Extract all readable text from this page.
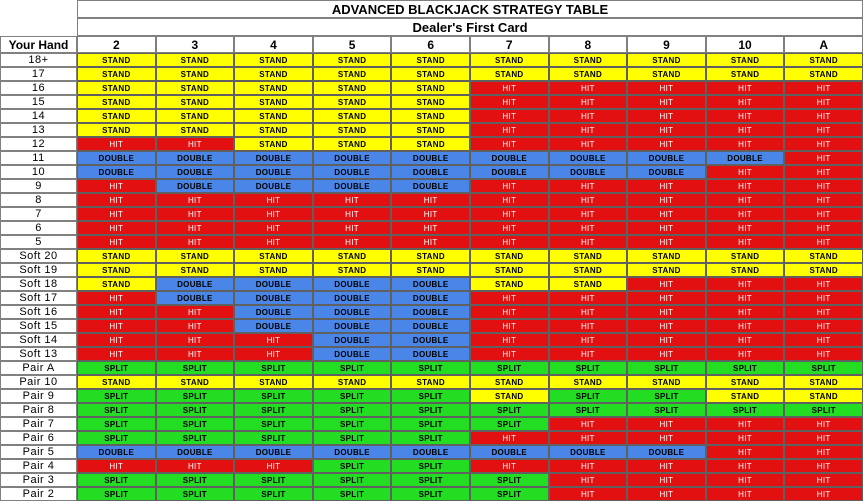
	ADVANCED BLACKJACK STRATEGY TABLE									
	Dealer's First Card									
Your Hand	2	3	4	5	6	7	8	9	10	A
18+	STAND	STAND	STAND	STAND	STAND	STAND	STAND	STAND	STAND	STAND
17	STAND	STAND	STAND	STAND	STAND	STAND	STAND	STAND	STAND	STAND
16	STAND	STAND	STAND	STAND	STAND	HIT	HIT	HIT	HIT	HIT
15	STAND	STAND	STAND	STAND	STAND	HIT	HIT	HIT	HIT	HIT
14	STAND	STAND	STAND	STAND	STAND	HIT	HIT	HIT	HIT	HIT
13	STAND	STAND	STAND	STAND	STAND	HIT	HIT	HIT	HIT	HIT
12	HIT	HIT	STAND	STAND	STAND	HIT	HIT	HIT	HIT	HIT
11	DOUBLE	DOUBLE	DOUBLE	DOUBLE	DOUBLE	DOUBLE	DOUBLE	DOUBLE	DOUBLE	HIT
10	DOUBLE	DOUBLE	DOUBLE	DOUBLE	DOUBLE	DOUBLE	DOUBLE	DOUBLE	HIT	HIT
9	HIT	DOUBLE	DOUBLE	DOUBLE	DOUBLE	HIT	HIT	HIT	HIT	HIT
8	HIT	HIT	HIT	HIT	HIT	HIT	HIT	HIT	HIT	HIT
7	HIT	HIT	HIT	HIT	HIT	HIT	HIT	HIT	HIT	HIT
6	HIT	HIT	HIT	HIT	HIT	HIT	HIT	HIT	HIT	HIT
5	HIT	HIT	HIT	HIT	HIT	HIT	HIT	HIT	HIT	HIT
Soft 20	STAND	STAND	STAND	STAND	STAND	STAND	STAND	STAND	STAND	STAND
Soft 19	STAND	STAND	STAND	STAND	STAND	STAND	STAND	STAND	STAND	STAND
Soft 18	STAND	DOUBLE	DOUBLE	DOUBLE	DOUBLE	STAND	STAND	HIT	HIT	HIT
Soft 17	HIT	DOUBLE	DOUBLE	DOUBLE	DOUBLE	HIT	HIT	HIT	HIT	HIT
Soft 16	HIT	HIT	DOUBLE	DOUBLE	DOUBLE	HIT	HIT	HIT	HIT	HIT
Soft 15	HIT	HIT	DOUBLE	DOUBLE	DOUBLE	HIT	HIT	HIT	HIT	HIT
Soft 14	HIT	HIT	HIT	DOUBLE	DOUBLE	HIT	HIT	HIT	HIT	HIT
Soft 13	HIT	HIT	HIT	DOUBLE	DOUBLE	HIT	HIT	HIT	HIT	HIT
Pair A	SPLIT	SPLIT	SPLIT	SPLIT	SPLIT	SPLIT	SPLIT	SPLIT	SPLIT	SPLIT
Pair 10	STAND	STAND	STAND	STAND	STAND	STAND	STAND	STAND	STAND	STAND
Pair 9	SPLIT	SPLIT	SPLIT	SPLIT	SPLIT	STAND	SPLIT	SPLIT	STAND	STAND
Pair 8	SPLIT	SPLIT	SPLIT	SPLIT	SPLIT	SPLIT	SPLIT	SPLIT	SPLIT	SPLIT
Pair 7	SPLIT	SPLIT	SPLIT	SPLIT	SPLIT	SPLIT	HIT	HIT	HIT	HIT
Pair 6	SPLIT	SPLIT	SPLIT	SPLIT	SPLIT	HIT	HIT	HIT	HIT	HIT
Pair 5	DOUBLE	DOUBLE	DOUBLE	DOUBLE	DOUBLE	DOUBLE	DOUBLE	DOUBLE	HIT	HIT
Pair 4	HIT	HIT	HIT	SPLIT	SPLIT	HIT	HIT	HIT	HIT	HIT
Pair 3	SPLIT	SPLIT	SPLIT	SPLIT	SPLIT	SPLIT	HIT	HIT	HIT	HIT
Pair 2	SPLIT	SPLIT	SPLIT	SPLIT	SPLIT	SPLIT	HIT	HIT	HIT	HIT
